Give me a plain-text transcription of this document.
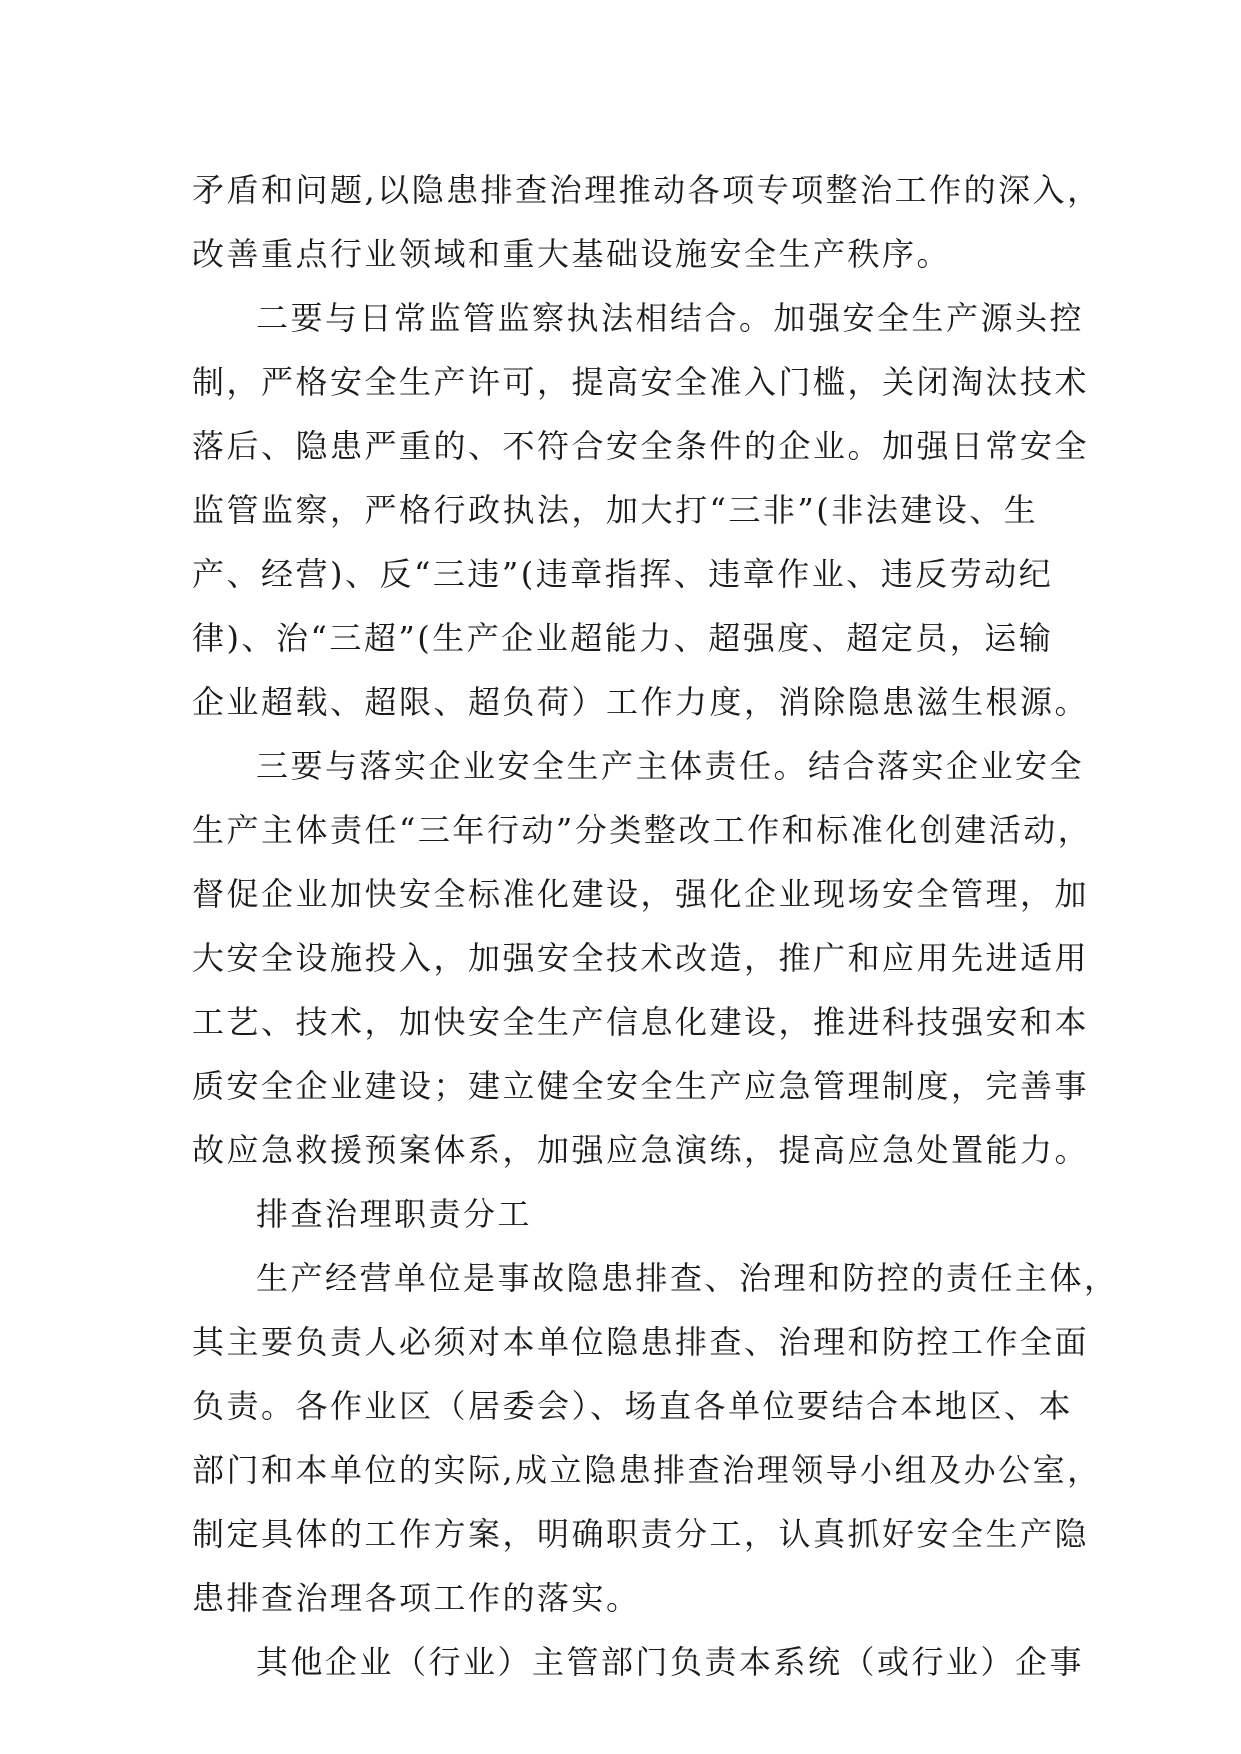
矛盾和问题,以隐患排查治理推动各项专项整治工作的深入，
改善重点行业领域和重大基础设施安全生产秩序。
二要与日常监管监察执法相结合。加强安全生产源头控
制，严格安全生产许可，提高安全准入门槛，关闭淘汰技术
落后、隐患严重的、不符合安全条件的企业。加强日常安全
监管监察，严格行政执法，加大打“三非”(非法建设、生
产、经营)、反“三违”(违章指挥、违章作业、违反劳动纪
律)、治“三超”(生产企业超能力、超强度、超定员，运输
企业超载、超限、超负荷）工作力度，消除隐患滋生根源。
三要与落实企业安全生产主体责任。结合落实企业安全
生产主体责任“三年行动”分类整改工作和标准化创建活动，
督促企业加快安全标准化建设，强化企业现场安全管理，加
大安全设施投入，加强安全技术改造，推广和应用先进适用
工艺、技术，加快安全生产信息化建设，推进科技强安和本
质安全企业建设；建立健全安全生产应急管理制度，完善事
故应急救援预案体系，加强应急演练，提高应急处置能力。
排查治理职责分工
生产经营单位是事故隐患排查、治理和防控的责任主体，
其主要负责人必须对本单位隐患排查、治理和防控工作全面
负责。各作业区（居委会）、场直各单位要结合本地区、本
部门和本单位的实际,成立隐患排查治理领导小组及办公室，
制定具体的工作方案，明确职责分工，认真抓好安全生产隐
患排查治理各项工作的落实。
其他企业（行业）主管部门负责本系统（或行业）企事
